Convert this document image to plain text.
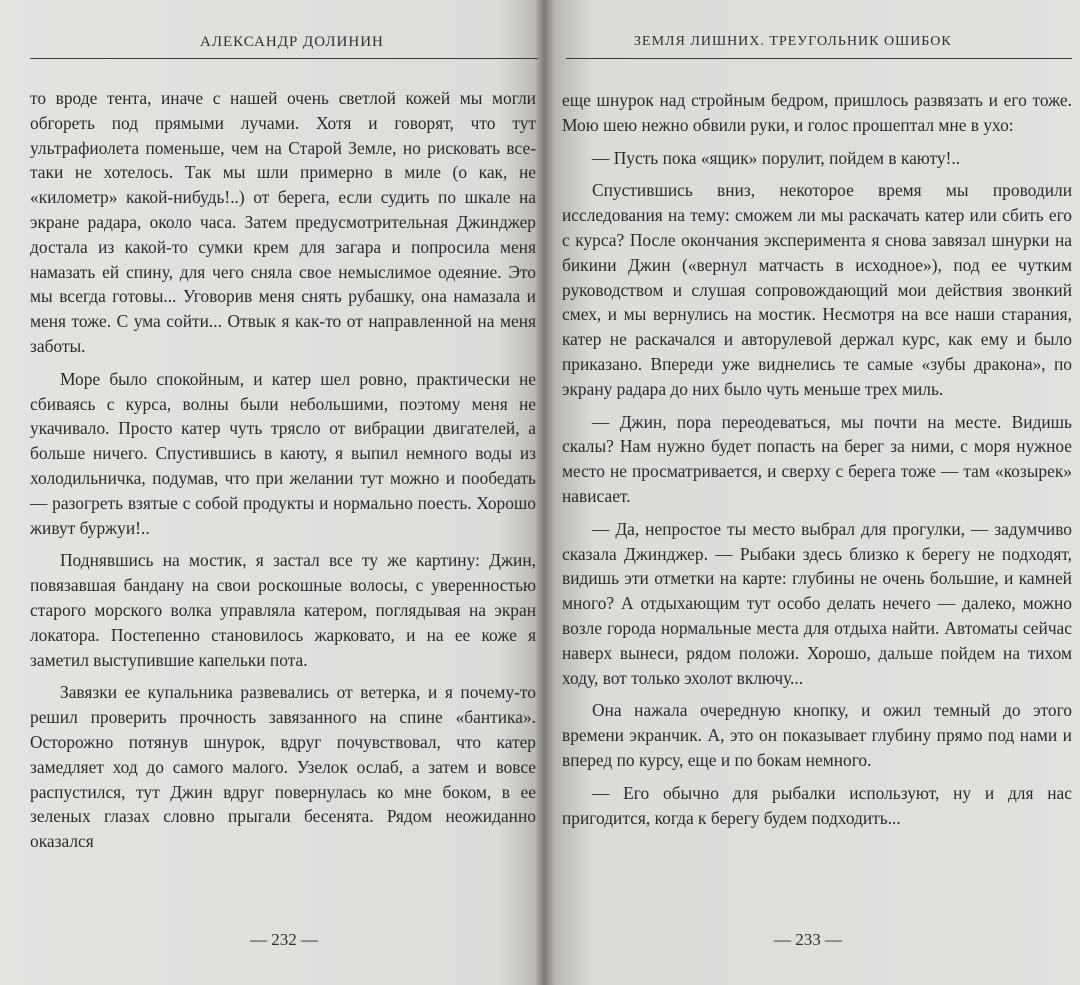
АЛЕКСАНДР ДОЛИНИН

то вроде тента, иначе с нашей очень светлой кожей мы могли обгореть под прямыми лучами. Хотя и говорят, что тут ультрафиолета поменьше, чем на Старой Земле, но рисковать все-таки не хотелось. Так мы шли примерно в миле (о как, не «километр» какой-нибудь!..) от берега, если судить по шкале на экране радара, около часа. Затем предусмотрительная Джинджер достала из какой-то сумки крем для загара и попросила меня намазать ей спину, для чего сняла свое немыслимое одеяние. Это мы всегда готовы... Уговорив меня снять рубашку, она намазала и меня тоже. С ума сойти... Отвык я как-то от направленной на меня заботы.

Море было спокойным, и катер шел ровно, практически не сбиваясь с курса, волны были небольшими, поэтому меня не укачивало. Просто катер чуть трясло от вибрации двигателей, а больше ничего. Спустившись в каюту, я выпил немного воды из холодильничка, подумав, что при желании тут можно и пообедать — разогреть взятые с собой продукты и нормально поесть. Хорошо живут буржуи!..

Поднявшись на мостик, я застал все ту же картину: Джин, повязавшая бандану на свои роскошные волосы, с уверенностью старого морского волка управляла катером, поглядывая на экран локатора. Постепенно становилось жарковато, и на ее коже я заметил выступившие капельки пота.

Завязки ее купальника развевались от ветерка, и я почему-то решил проверить прочность завязанного на спине «бантика». Осторожно потянув шнурок, вдруг почувствовал, что катер замедляет ход до самого малого. Узелок ослаб, а затем и вовсе распустился, тут Джин вдруг повернулась ко мне боком, в ее зеленых глазах словно прыгали бесенята. Рядом неожиданно оказался

— 232 —
ЗЕМЛЯ ЛИШНИХ. ТРЕУГОЛЬНИК ОШИБОК

еще шнурок над стройным бедром, пришлось развязать и его тоже. Мою шею нежно обвили руки, и голос прошептал мне в ухо:

— Пусть пока «ящик» порулит, пойдем в каюту!..

Спустившись вниз, некоторое время мы проводили исследования на тему: сможем ли мы раскачать катер или сбить его с курса? После окончания эксперимента я снова завязал шнурки на бикини Джин («вернул матчасть в исходное»), под ее чутким руководством и слушая сопровождающий мои действия звонкий смех, и мы вернулись на мостик. Несмотря на все наши старания, катер не раскачался и авторулевой держал курс, как ему и было приказано. Впереди уже виднелись те самые «зубы дракона», по экрану радара до них было чуть меньше трех миль.

— Джин, пора переодеваться, мы почти на месте. Видишь скалы? Нам нужно будет попасть на берег за ними, с моря нужное место не просматривается, и сверху с берега тоже — там «козырек» нависает.

— Да, непростое ты место выбрал для прогулки, — задумчиво сказала Джинджер. — Рыбаки здесь близко к берегу не подходят, видишь эти отметки на карте: глубины не очень большие, и камней много? А отдыхающим тут особо делать нечего — далеко, можно возле города нормальные места для отдыха найти. Автоматы сейчас наверх вынеси, рядом положи. Хорошо, дальше пойдем на тихом ходу, вот только эхолот включу...

Она нажала очередную кнопку, и ожил темный до этого времени экранчик. А, это он показывает глубину прямо под нами и вперед по курсу, еще и по бокам немного.

— Его обычно для рыбалки используют, ну и для нас пригодится, когда к берегу будем подходить...

— 233 —
